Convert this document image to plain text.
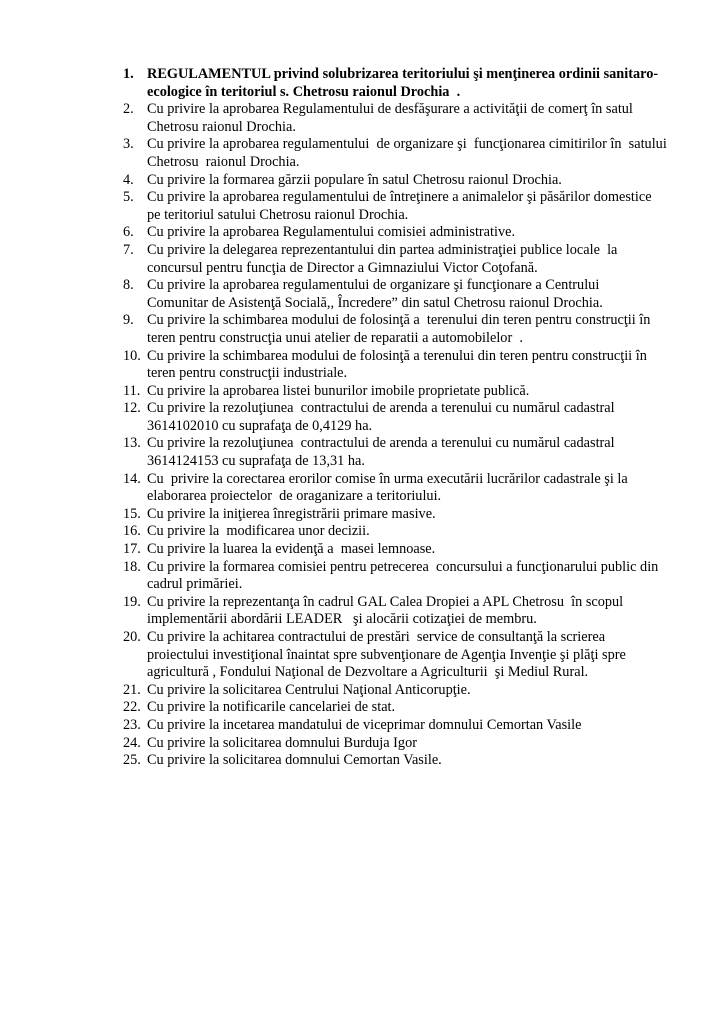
1. REGULAMENTUL privind solubrizarea teritoriului şi menţinerea ordinii sanitaro-
ecologice în teritoriul s. Chetrosu raionul Drochia  .
2. Cu privire la aprobarea Regulamentului de desfăşurare a activităţii de comerţ în satul
Chetrosu raionul Drochia.
3. Cu privire la aprobarea regulamentului  de organizare şi  funcţionarea cimitirilor în  satului
Chetrosu  raionul Drochia.
4. Cu privire la formarea gărzii populare în satul Chetrosu raionul Drochia.
5. Cu privire la aprobarea regulamentului de întreţinere a animalelor şi păsărilor domestice
pe teritoriul satului Chetrosu raionul Drochia.
6. Cu privire la aprobarea Regulamentului comisiei administrative.
7. Cu privire la delegarea reprezentantului din partea administraţiei publice locale  la
concursul pentru funcţia de Director a Gimnaziului Victor Coţofană.
8. Cu privire la aprobarea regulamentului de organizare şi funcţionare a Centrului
Comunitar de Asistenţă Socială,, Încredere” din satul Chetrosu raionul Drochia.
9. Cu privire la schimbarea modului de folosinţă a  terenului din teren pentru construcţii în
teren pentru construcţia unui atelier de reparatii a automobilelor  .
10. Cu privire la schimbarea modului de folosinţă a terenului din teren pentru construcţii în
teren pentru construcţii industriale.
11. Cu privire la aprobarea listei bunurilor imobile proprietate publică.
12. Cu privire la rezoluţiunea  contractului de arenda a terenului cu numărul cadastral
3614102010 cu suprafaţa de 0,4129 ha.
13. Cu privire la rezoluţiunea  contractului de arenda a terenului cu numărul cadastral
3614124153 cu suprafaţa de 13,31 ha.
14. Cu  privire la corectarea erorilor comise în urma executării lucrărilor cadastrale şi la
elaborarea proiectelor  de oraganizare a teritoriului.
15. Cu privire la iniţierea înregistrării primare masive.
16. Cu privire la  modificarea unor decizii.
17. Cu privire la luarea la evidenţă a  masei lemnoase.
18. Cu privire la formarea comisiei pentru petrecerea  concursului a funcţionarului public din
cadrul primăriei.
19. Cu privire la reprezentanţa în cadrul GAL Calea Dropiei a APL Chetrosu  în scopul
implementării abordării LEADER   şi alocării cotizaţiei de membru.
20. Cu privire la achitarea contractului de prestări  service de consultanţă la scrierea
proiectului investiţional înaintat spre subvenţionare de Agenţia Invenţie şi plăţi spre
agricultură , Fondului Naţional de Dezvoltare a Agriculturii  şi Mediul Rural.
21. Cu privire la solicitarea Centrului Naţional Anticorupţie.
22. Cu privire la notificarile cancelariei de stat.
23. Cu privire la incetarea mandatului de viceprimar domnului Cemortan Vasile
24. Cu privire la solicitarea domnului Burduja Igor
25. Cu privire la solicitarea domnului Cemortan Vasile.
